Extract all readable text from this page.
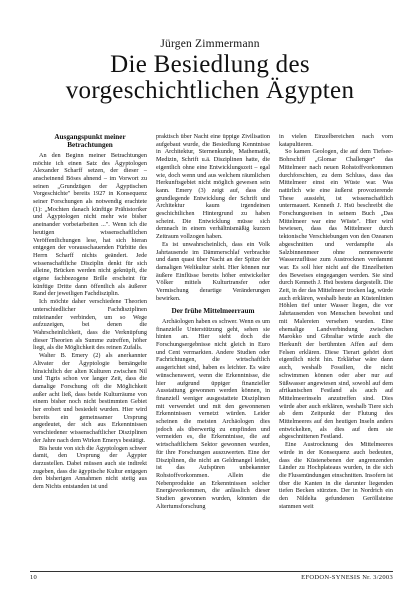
Jürgen Zimmermann
Die Besiedlung des
vorgeschichtlichen Ägypten
Ausgangspunkt meiner Betrachtungen

An den Beginn meiner Betrachtungen möchte ich einen Satz des Ägyptologen Alexander Scharff setzen, der dieser – anscheinend Böses ahnend – im Vorwort zu seinen „Grundzügen der Ägyptischen Vorgeschichte" bereits 1927 in Konsequenz seiner Forschungen als notwendig erachtete (1): „Mochten danach künftige Prähistoriker und Ägyptologen nicht mehr wie bisher aneinander vorbeiarbeiten ...". Wenn ich die heutigen wissenschaftlichen Veröffentlichungen lese, hat sich hieran entgegen der vorausschauenden Fürbitte des Herrn Scharff nichts geändert. Jede wissenschaftliche Disziplin denkt für sich alleine, Brücken werden nicht geknüpft, die eigene fachbezogene Brille erscheint für künftige Dritte dann öffentlich als äußerer Rand der jeweiligen Fachdisziplin.

Ich möchte daher verschiedene Theorien unterschiedlicher Fachdisziplinen miteinander verbinden, um so Wege aufzuzeigen, bei denen die Wahrscheinlichkeit, dass die Verknüpfung dieser Theorien als Summe zutreffen, höher liegt, als die Möglichkeit des reinen Zufalls.

Walter B. Emery (2) als anerkannter Altvater der Ägyptologie bemängelte hinsichtlich der alten Kulturen zwischen Nil und Tigris schon vor langer Zeit, dass die damalige Forschung oft die Möglichkeit außer acht ließ, dass beide Kulturräume von einem bisher noch nicht bestimmten Gebiet her erobert und besiedelt wurden. Hier wird bereits ein gemeinsamer Ursprung angedeutet, der sich aus Erkenntnissen verschiedener wissenschaftlicher Disziplinen der Jahre nach dem Wirken Emerys bestätigt.

Bis heute von sich die Ägyptologen schwer damit, den Ursprung der Ägypter darzustellen. Dabei müssen auch sie indirekt zugeben, dass die ägyptische Kultur entgegen den bisherigen Annahmen nicht stetig aus dem Nichts entstanden ist und

praktisch über Nacht eine üppige Zivilisation aufgebaut wurde, die Besiedlung Kenntnisse in Architektur, Sternenkunde, Mathematik, Medizin, Schrift u.ä. Disziplinen hatte, die eigentlich ohne eine Entwicklungszeit – egal wie, doch wenn und aus welchem räumlichen Herkunftsgebiet nicht möglich gewesen sein kann. Emery (3) zeigt auf, dass die grundlegende Entwicklung der Schrift und Architektur kaum irgendeinen geschichtlichen Hintergrund zu haben scheint. Die Entwicklung müsse sich demnach in einem verhältnismäßig kurzen Zeitraum vollzogen haben.

Es ist unwahrscheinlich, dass ein Volk Jahrtausende im Dämmerschlaf verbrachte und dann quasi über Nacht an der Spitze der damaligen Weltkultur steht. Hier können nur äußere Einflüsse bereits höher entwickelter Völker mittels Kulturtransfer oder Vermischung derartige Veränderungen bewirken.

Der frühe Mittelmeerraum

Archäologen haben es schwer. Wenn es um finanzielle Unterstützung geht, sehen sie hinten an. Hier sieht doch die Forschungsergebnisse nicht gleich in Euro und Cent vermarkten. Andere Studien oder Fachrichtungen, die wirtschaftlich ausgerichtet sind, haben es leichter. Es wäre wünschenswert, wenn die Erkenntnisse, die hier aufgrund üppiger finanzieller Ausstattung gewonnen werden können, in finanziell weniger ausgestattete Disziplinen mit verwendet und mit den gewonnenen Erkenntnissen vernetzt würden. Leider scheinen die meisten Archäologen dies jedoch als überwertig zu empfinden und vermeiden es, die Erkenntnisse, die auf wirtschaftlichem Sektor gewonnen wurden, für ihre Forschungen auszuwerten. Eine der Disziplinen, die nicht an Geldmangel leidet, ist das Aufspüren unbekannter Rohstoffvorkommen. Allein die Nebenprodukte an Erkenntnissen solcher Energievorkommen, die anlässlich dieser Studien gewonnen wurden, könnten die Altertumsforschung

in vielen Einzelbereichen nach vorn katapultieren.

So kamen Geologen, die auf dem Tiefsee-Bohrschiff „Glomar Challenger" das Mittelmeer nach neuen Rohstoffvorkommen durchforschten, zu dem Schluss, dass das Mittelmeer einst ein Wüste war. Was natürlich wie eine äußerst provozierende These aussieht, ist wissenschaftlich untermauert. Kenneth J. Hsü beschreibt die Forschungsreisen in seinem Buch „Das Mittelmeer war eine Wüste". Hier wird bewiesen, dass das Mittelmeer durch tektonische Verschiebungen von den Ozeanen abgeschnitten und verdampfte als Salzbinnenmeer ohne nennenswerte Wasserzuflüsse zum Austrocknen verdammt war. Es soll hier nicht auf die Einzelheiten des Beweises eingegangen werden. Sie sind durch Kenneth J. Hsü bestens dargestellt. Die Zeit, in der das Mittelmeer trocken lag, würde auch erklären, weshalb heute an Küstenlinien Höhlen tief unter Wasser liegen, die vor Jahrtausenden von Menschen bewohnt und mit Malereien versehen wurden. Eine ehemalige Landverbindung zwischen Marokko und Gibraltar würde auch die Herkunft der berühmten Affen auf dem Felsen erklären. Diese Tierart gehört dort eigentlich nicht hin. Erklärbar wäre dann auch, weshalb Fossilien, die nicht schwimmen können oder aber nur auf Süßwasser angewiesen sind, sowohl auf dem afrikanischen Festland als auch auf Mittelmeerinseln anzutreffen sind. Dies würde aber auch erklären, weshalb Tiere sich ab dem Zeitpunkt der Flutung des Mittelmeeres auf den heutigen Inseln anders entwickelten, als dies auf dem sie abgeschnittenen Festland.

Eine Austrocknung des Mittelmeeres würde in der Konsequenz auch bedeuten, dass die Küstenebenen der angrenzenden Länder zu Hochplateaus wurden, in die sich die Flussmündungen einschnitten. Insofern ist über die Kanten in die darunter liegenden tiefen Becken stürzten. Der in Nordrich ein den Nildelta gefundenen Geröllsteine stammen weit

10	EFODON-SYNESIS Nr. 3/2003
